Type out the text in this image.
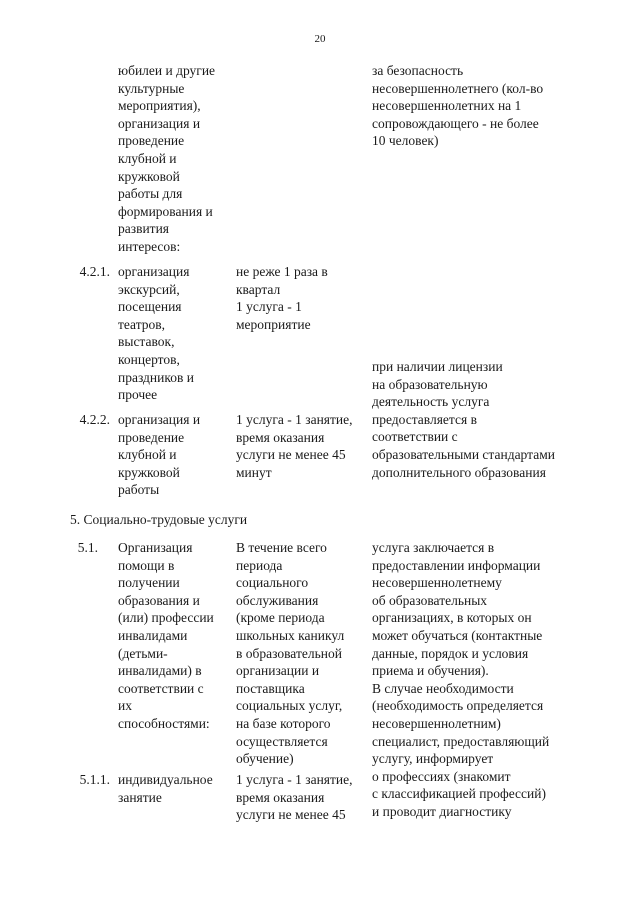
20
юбилеи и другие
культурные
мероприятия),
организация и
проведение
клубной и
кружковой
работы для
формирования и
развития
интересов:
за безопасность
несовершеннолетнего (кол-во
несовершеннолетних на 1
сопровождающего - не более
10 человек)
4.2.1. организация
экскурсий,
посещения
театров,
выставок,
концертов,
праздников и
прочее
не реже 1 раза в
квартал
1 услуга - 1
мероприятие
при наличии лицензии
на образовательную
деятельность услуга
предоставляется в
соответствии с
образовательными стандартами
дополнительного образования
4.2.2. организация и
проведение
клубной и
кружковой
работы
1 услуга - 1 занятие,
время оказания
услуги не менее 45
минут
5. Социально-трудовые услуги
5.1. Организация
помощи в
получении
образования и
(или) профессии
инвалидами
(детьми-
инвалидами) в
соответствии с
их
способностями:
В течение всего
периода
социального
обслуживания
(кроме периода
школьных каникул
в образовательной
организации и
поставщика
социальных услуг,
на базе которого
осуществляется
обучение)
услуга заключается в
предоставлении информации
несовершеннолетнему
об образовательных
организациях, в которых он
может обучаться (контактные
данные, порядок и условия
приема и обучения).
В случае необходимости
(необходимость определяется
несовершеннолетним)
специалист, предоставляющий
услугу, информирует
о профессиях (знакомит
с классификацией профессий)
и проводит диагностику
5.1.1. индивидуальное
занятие
1 услуга - 1 занятие,
время оказания
услуги не менее 45
